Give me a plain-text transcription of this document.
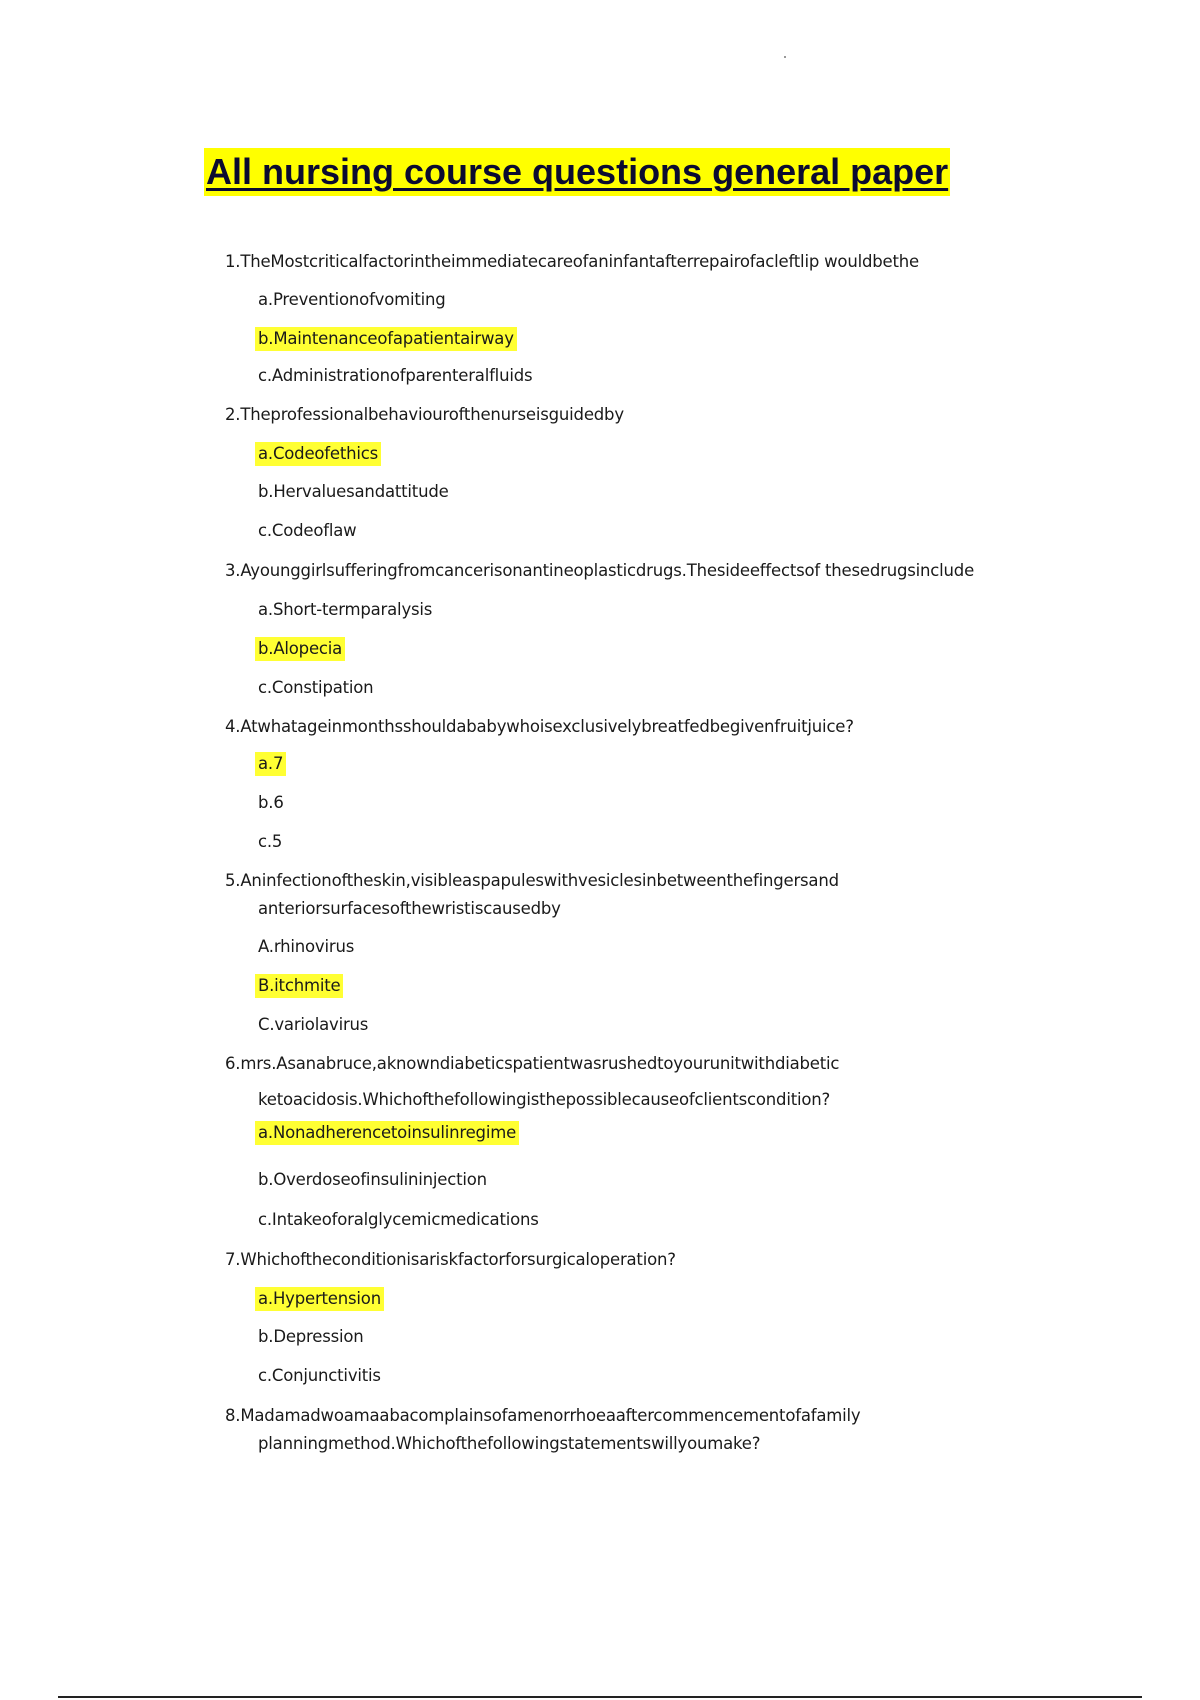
All nursing course questions general paper

1.TheMostcriticalfactorintheimmediatecareofaninfantafterrepairofacleftlip wouldbethe

a.Preventionofvomiting
b.Maintenanceofapatientairway
c.Administrationofparenteralfluids

2.Theprofessionalbehaviourofthenurseisguidedby

a.Codeofethics
b.Hervaluesandattitude
c.Codeoflaw

3.Ayounggirlsufferingfromcancerisonantineoplasticdrugs.Thesideeffectsof thesedrugsinclude

a.Short-termparalysis
b.Alopecia
c.Constipation

4.Atwhatageinmonthsshouldababywhoisexclusivelybreatfedbegivenfruitjuice?

a.7
b.6
c.5

5.Aninfectionoftheskin,visibleaspapuleswithvesiclesinbetweenthefingersand
anteriorsurfacesofthewristiscausedby

A.rhinovirus
B.itchmite
C.variolavirus

6.mrs.Asanabruce,aknowndiabeticspatientwasrushedtoyourunitwithdiabetic
ketoacidosis.Whichofthefollowingisthepossiblecauseofclientscondition?

a.Nonadherencetoinsulinregime
b.Overdoseofinsulininjection
c.Intakeoforalglycemicmedications

7.Whichoftheconditionisariskfactorforsurgicaloperation?

a.Hypertension
b.Depression
c.Conjunctivitis

8.Madamadwoamaabacomplainsofamenorrhoeaaftercommencementofafamily
planningmethod.Whichofthefollowingstatementswillyoumake?
